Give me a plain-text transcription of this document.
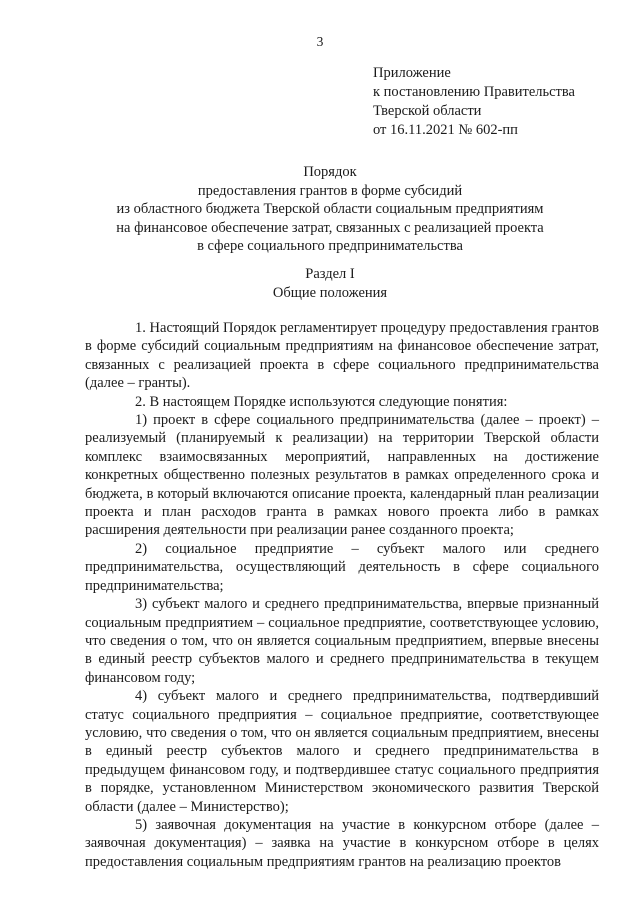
3
Приложение
к постановлению Правительства
Тверской области
от 16.11.2021 № 602-пп
Порядок
предоставления грантов в форме субсидий
из областного бюджета Тверской области социальным предприятиям
на финансовое обеспечение затрат, связанных с реализацией проекта
в сфере социального предпринимательства
Раздел I
Общие положения

1. Настоящий Порядок регламентирует процедуру предоставления грантов в форме субсидий социальным предприятиям на финансовое обеспечение затрат, связанных с реализацией проекта в сфере социального предпринимательства (далее – гранты).

2. В настоящем Порядке используются следующие понятия:

1) проект в сфере социального предпринимательства (далее – проект) – реализуемый (планируемый к реализации) на территории Тверской области комплекс взаимосвязанных мероприятий, направленных на достижение конкретных общественно полезных результатов в рамках определенного срока и бюджета, в который включаются описание проекта, календарный план реализации проекта и план расходов гранта в рамках нового проекта либо в рамках расширения деятельности при реализации ранее созданного проекта;

2) социальное предприятие – субъект малого или среднего предпринимательства, осуществляющий деятельность в сфере социального предпринимательства;

3) субъект малого и среднего предпринимательства, впервые признанный социальным предприятием – социальное предприятие, соответствующее условию, что сведения о том, что он является социальным предприятием, впервые внесены в единый реестр субъектов малого и среднего предпринимательства в текущем финансовом году;

4) субъект малого и среднего предпринимательства, подтвердивший статус социального предприятия – социальное предприятие, соответствующее условию, что сведения о том, что он является социальным предприятием, внесены в единый реестр субъектов малого и среднего предпринимательства в предыдущем финансовом году, и подтвердившее статус социального предприятия в порядке, установленном Министерством экономического развития Тверской области (далее – Министерство);

5) заявочная документация на участие в конкурсном отборе (далее – заявочная документация) – заявка на участие в конкурсном отборе в целях предоставления социальным предприятиям грантов на реализацию проектов
